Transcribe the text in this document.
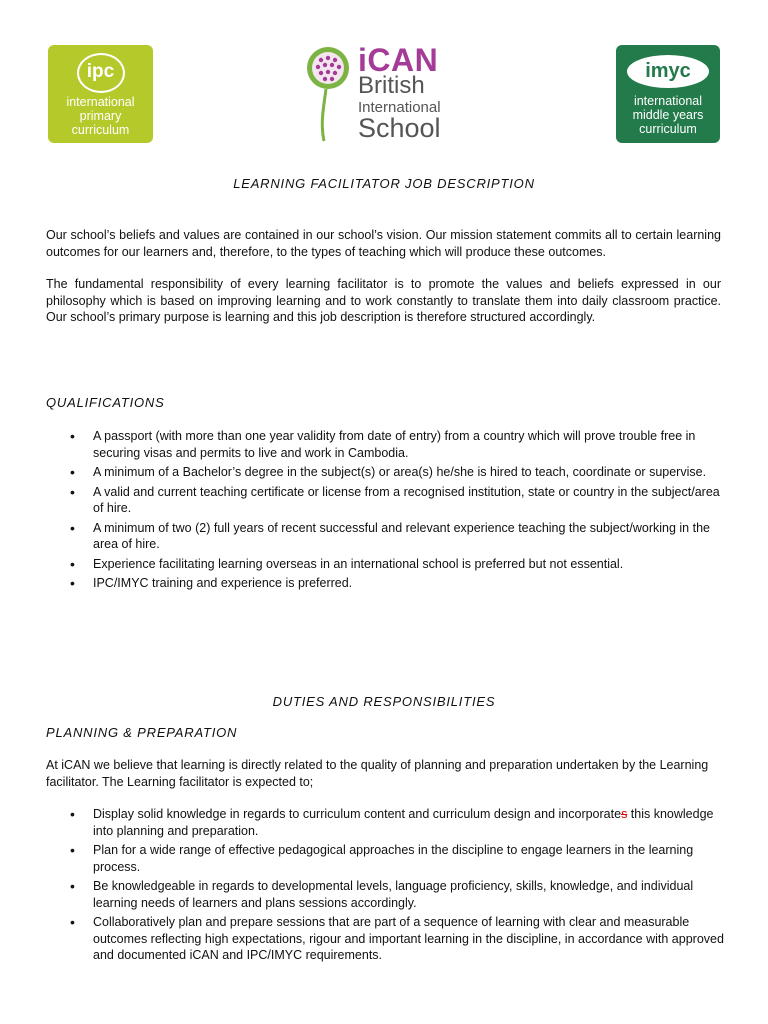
ipc
international
primary
curriculum
iCAN
British
International
School
imyc
international
middle years
curriculum
LEARNING FACILITATOR JOB DESCRIPTION
Our school’s beliefs and values are contained in our school’s vision. Our mission statement commits all to certain learning outcomes for our learners and, therefore, to the types of teaching which will produce these outcomes.
The fundamental responsibility of every learning facilitator is to promote the values and beliefs expressed in our philosophy which is based on improving learning and to work constantly to translate them into daily classroom practice. Our school’s primary purpose is learning and this job description is therefore structured accordingly.
QUALIFICATIONS
• A passport (with more than one year validity from date of entry) from a country which will prove trouble free in securing visas and permits to live and work in Cambodia.
• A minimum of a Bachelor’s degree in the subject(s) or area(s) he/she is hired to teach, coordinate or supervise.
• A valid and current teaching certificate or license from a recognised institution, state or country in the subject/area of hire.
• A minimum of two (2) full years of recent successful and relevant experience teaching the subject/working in the area of hire.
• Experience facilitating learning overseas in an international school is preferred but not essential.
• IPC/IMYC training and experience is preferred.
DUTIES AND RESPONSIBILITIES
PLANNING & PREPARATION
At iCAN we believe that learning is directly related to the quality of planning and preparation undertaken by the Learning facilitator. The Learning facilitator is expected to;
• Display solid knowledge in regards to curriculum content and curriculum design and incorporates this knowledge into planning and preparation.
• Plan for a wide range of effective pedagogical approaches in the discipline to engage learners in the learning process.
• Be knowledgeable in regards to developmental levels, language proficiency, skills, knowledge, and individual learning needs of learners and plans sessions accordingly.
• Collaboratively plan and prepare sessions that are part of a sequence of learning with clear and measurable outcomes reflecting high expectations, rigour and important learning in the discipline, in accordance with approved and documented iCAN and IPC/IMYC requirements.
